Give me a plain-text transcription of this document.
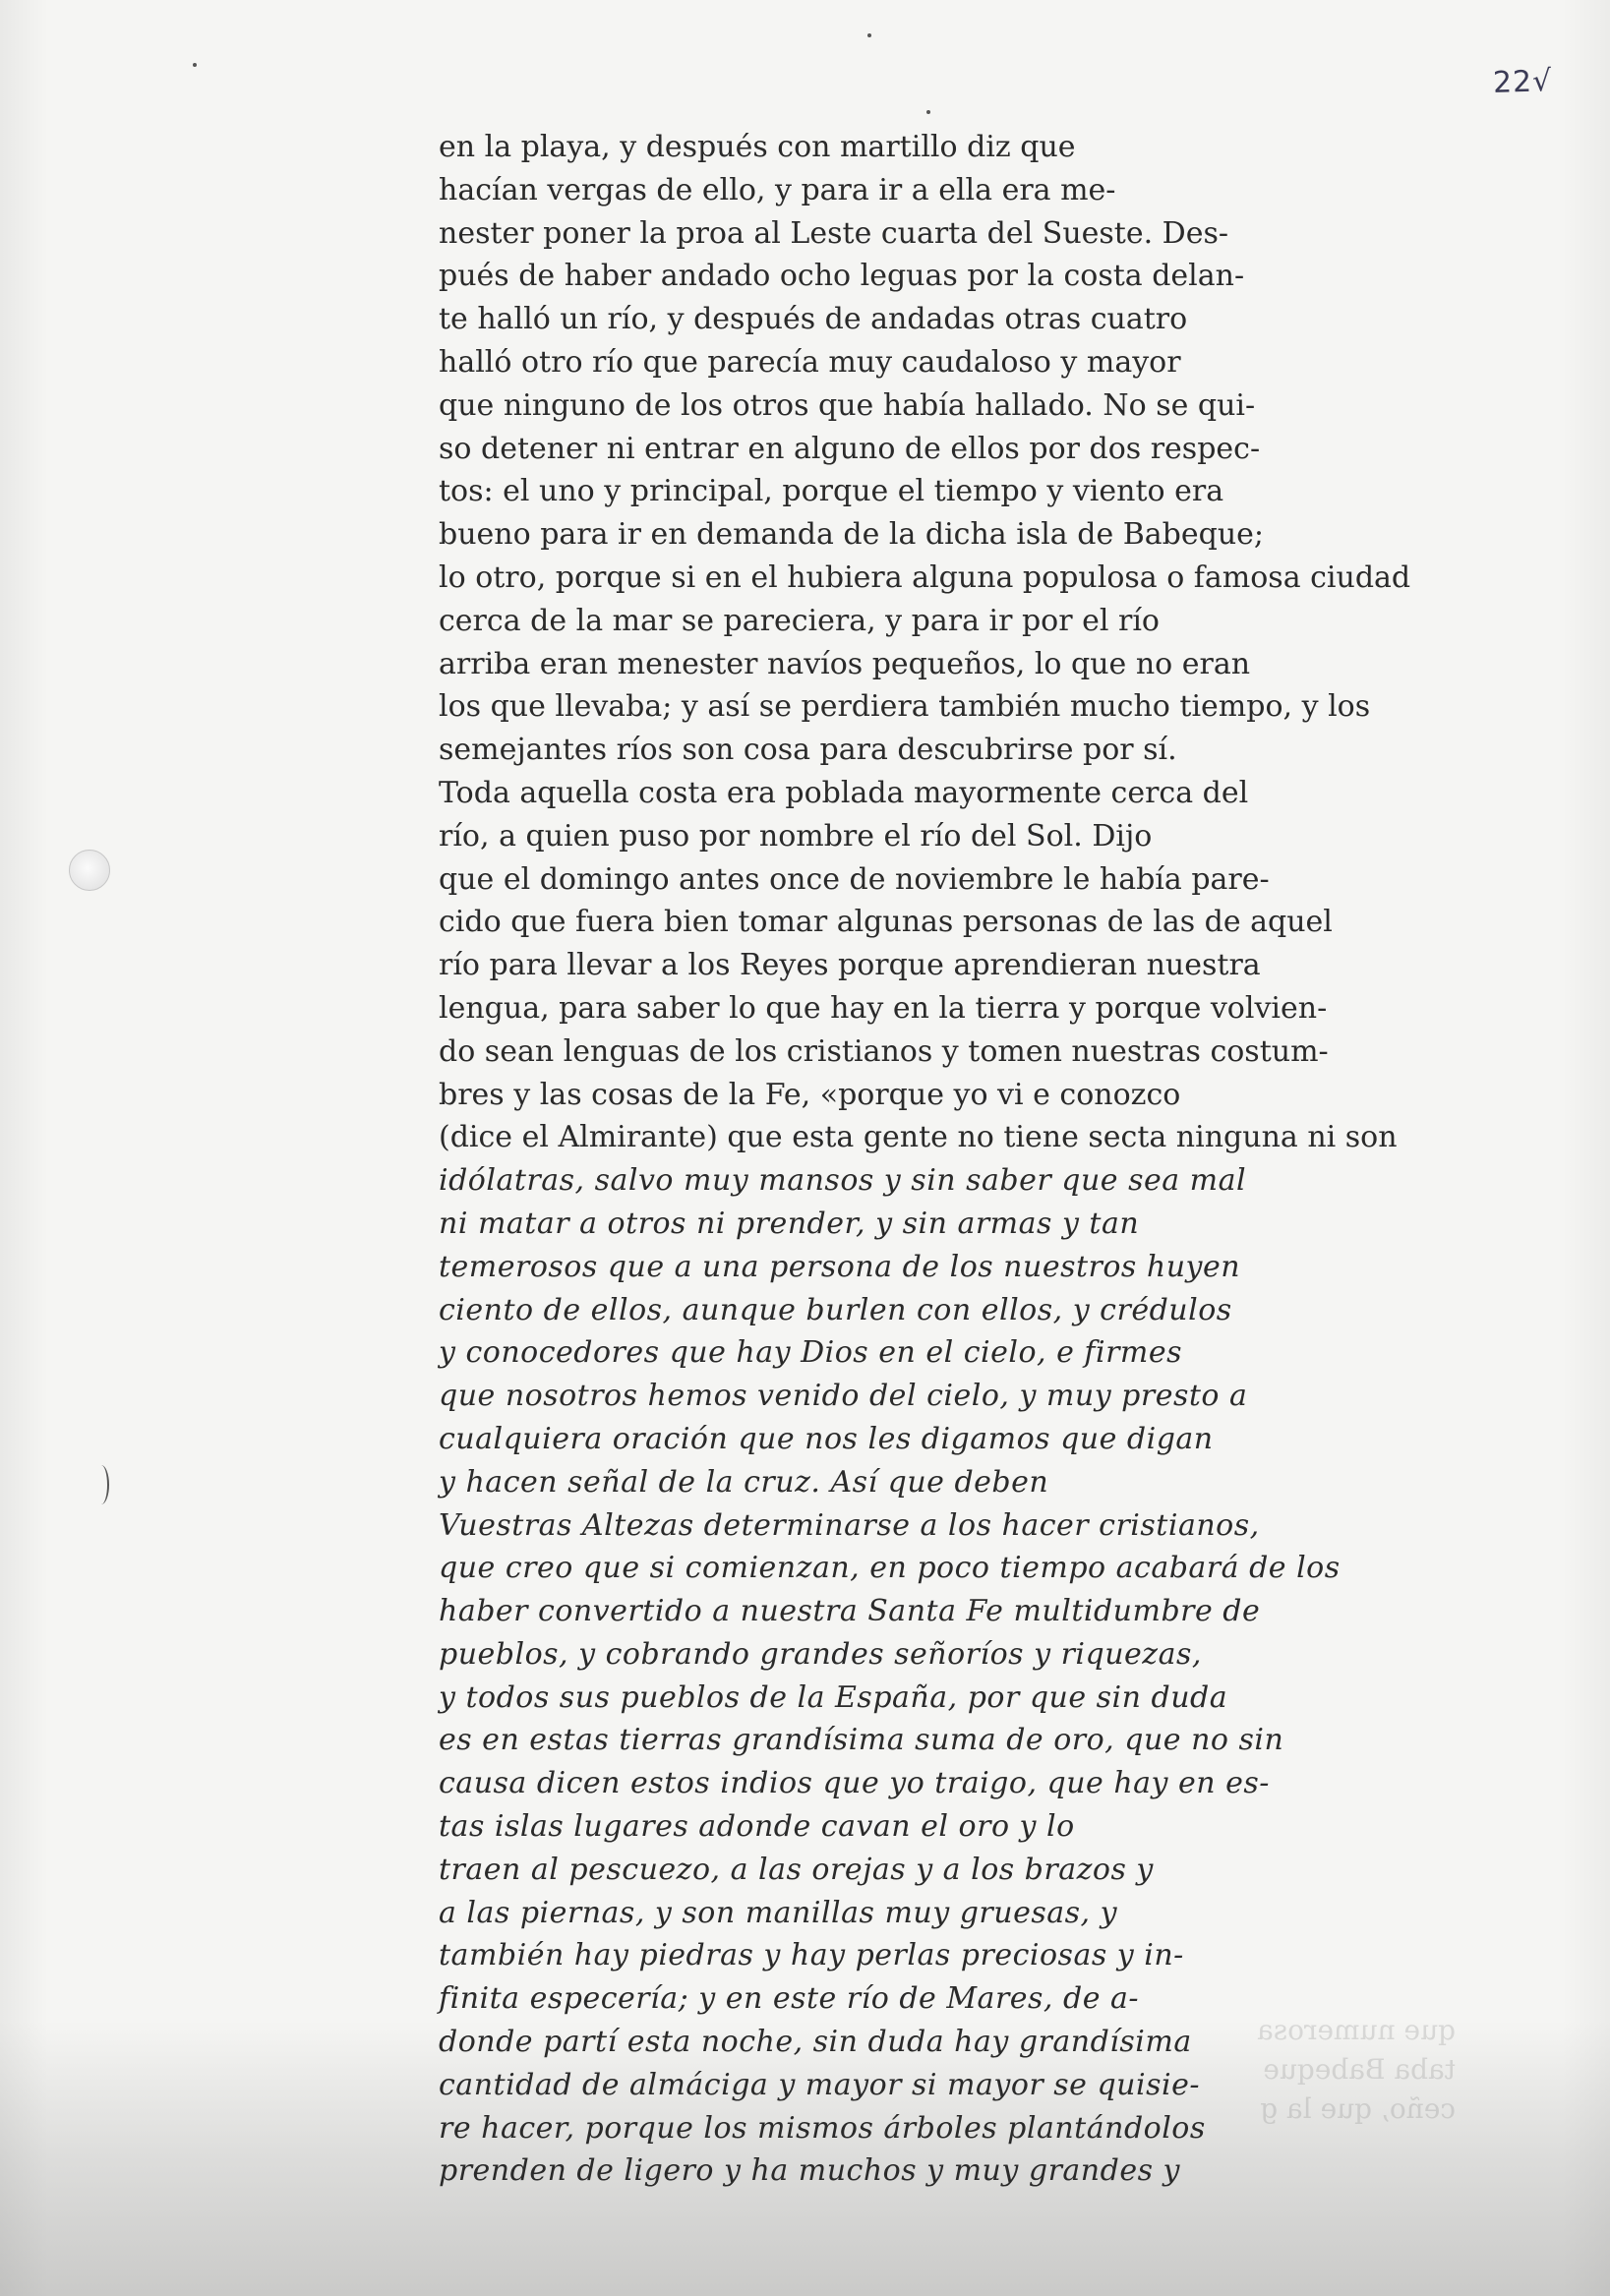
22√
en la playa, y después con martillo diz que
hacían vergas de ello, y para ir a ella era me-
nester poner la proa al Leste cuarta del Sueste. Des-
pués de haber andado ocho leguas por la costa delan-
te halló un río, y después de andadas otras cuatro
halló otro río que parecía muy caudaloso y mayor
que ninguno de los otros que había hallado. No se qui-
so detener ni entrar en alguno de ellos por dos respec-
tos: el uno y principal, porque el tiempo y viento era
bueno para ir en demanda de la dicha isla de Babeque;
lo otro, porque si en el hubiera alguna populosa o famosa ciudad
cerca de la mar se pareciera, y para ir por el río
arriba eran menester navíos pequeños, lo que no eran
los que llevaba; y así se perdiera también mucho tiempo, y los
semejantes ríos son cosa para descubrirse por sí.
Toda aquella costa era poblada mayormente cerca del
río, a quien puso por nombre el río del Sol. Dijo
que el domingo antes once de noviembre le había pare-
cido que fuera bien tomar algunas personas de las de aquel
río para llevar a los Reyes porque aprendieran nuestra
lengua, para saber lo que hay en la tierra y porque volvien-
do sean lenguas de los cristianos y tomen nuestras costum-
bres y las cosas de la Fe, «porque yo vi e conozco
(dice el Almirante) que esta gente no tiene secta ninguna ni son
idólatras, salvo muy mansos y sin saber que sea mal
ni matar a otros ni prender, y sin armas y tan
temerosos que a una persona de los nuestros huyen
ciento de ellos, aunque burlen con ellos, y crédulos
y conocedores que hay Dios en el cielo, e firmes
que nosotros hemos venido del cielo, y muy presto a
cualquiera oración que nos les digamos que digan
y hacen señal de la cruz. Así que deben
Vuestras Altezas determinarse a los hacer cristianos,
que creo que si comienzan, en poco tiempo acabará de los
haber convertido a nuestra Santa Fe multidumbre de
pueblos, y cobrando grandes señoríos y riquezas,
y todos sus pueblos de la España, por que sin duda
es en estas tierras grandísima suma de oro, que no sin
causa dicen estos indios que yo traigo, que hay en es-
tas islas lugares adonde cavan el oro y lo
traen al pescuezo, a las orejas y a los brazos y
a las piernas, y son manillas muy gruesas, y
también hay piedras y hay perlas preciosas y in-
finita especería; y en este río de Mares, de a-
donde partí esta noche, sin duda hay grandísima
cantidad de almáciga y mayor si mayor se quisie-
re hacer, porque los mismos árboles plantándolos
prenden de ligero y ha muchos y muy grandes y
que numerosa
taba Babeque
ceño, que la g
